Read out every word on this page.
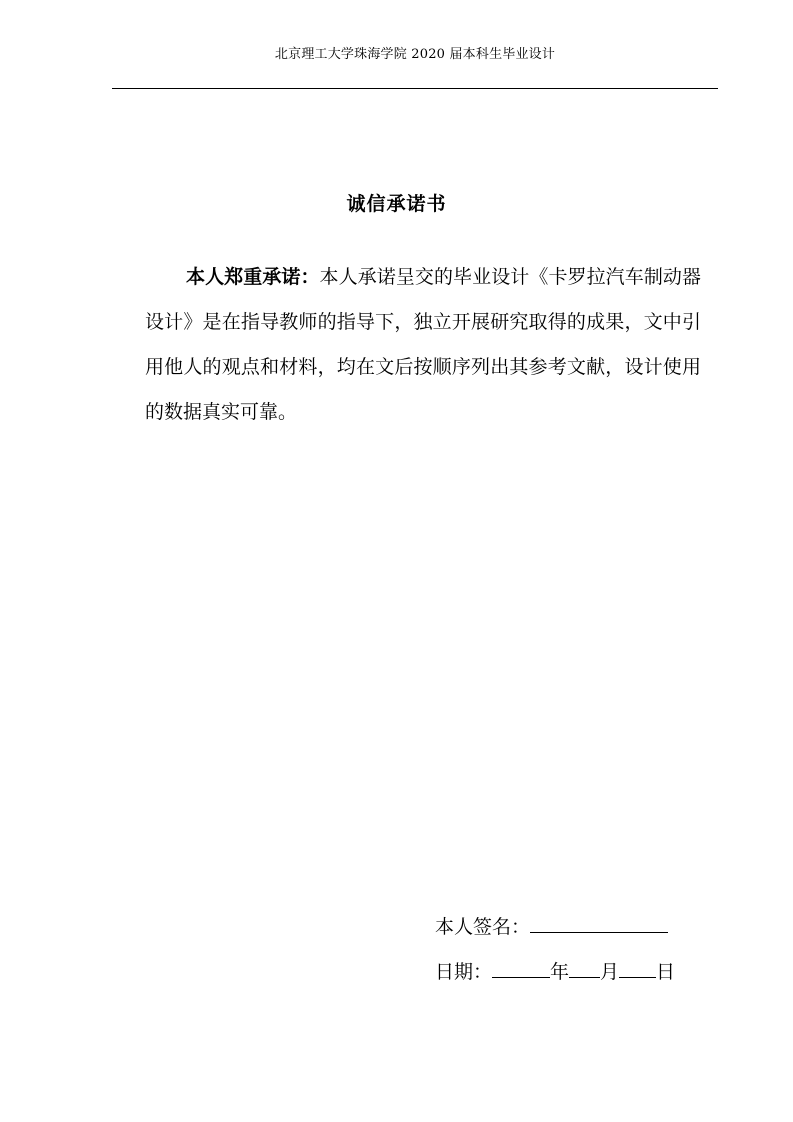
北京理工大学珠海学院 2020 届本科生毕业设计
诚信承诺书
本人郑重承诺：本人承诺呈交的毕业设计《卡罗拉汽车制动器设计》是在指导教师的指导下，独立开展研究取得的成果，文中引用他人的观点和材料，均在文后按顺序列出其参考文献，设计使用的数据真实可靠。
本人签名：
日期：	年 月 日
